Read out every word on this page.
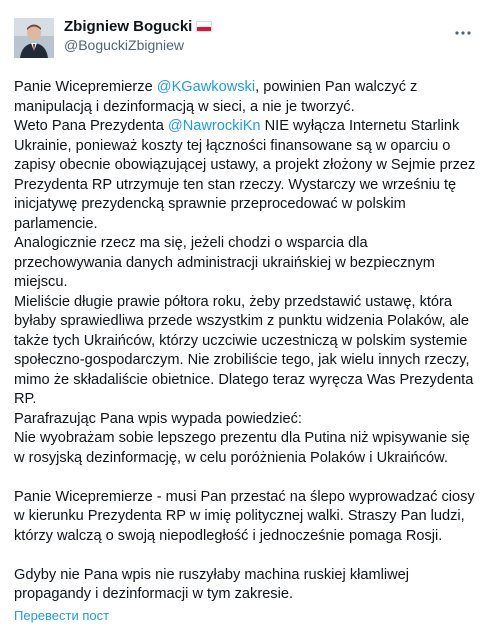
Zbigniew Bogucki
@BoguckiZbigniew
Panie Wicepremierze @KGawkowski, powinien Pan walczyć z manipulacją i dezinformacją w sieci, a nie je tworzyć.
Weto Pana Prezydenta @NawrockiKn NIE wyłącza Internetu Starlink Ukrainie, ponieważ koszty tej łączności finansowane są w oparciu o zapisy obecnie obowiązującej ustawy, a projekt złożony w Sejmie przez Prezydenta RP utrzymuje ten stan rzeczy. Wystarczy we wrześniu tę inicjatywę prezydencką sprawnie przeprocedować w polskim parlamencie.
Analogicznie rzecz ma się, jeżeli chodzi o wsparcia dla przechowywania danych administracji ukraińskiej w bezpiecznym miejscu.
Mieliście długie prawie półtora roku, żeby przedstawić ustawę, która byłaby sprawiedliwa przede wszystkim z punktu widzenia Polaków, ale także tych Ukraińców, którzy uczciwie uczestniczą w polskim systemie społeczno-gospodarczym. Nie zrobiliście tego, jak wielu innych rzeczy, mimo że składaliście obietnice. Dlatego teraz wyręcza Was Prezydenta RP.
Parafrazując Pana wpis wypada powiedzieć:
Nie wyobrażam sobie lepszego prezentu dla Putina niż wpisywanie się w rosyjską dezinformację, w celu poróżnienia Polaków i Ukraińców.
Panie Wicepremierze - musi Pan przestać na ślepo wyprowadzać ciosy w kierunku Prezydenta RP w imię politycznej walki. Straszy Pan ludzi, którzy walczą o swoją niepodległość i jednocześnie pomaga Rosji.
Gdyby nie Pana wpis nie ruszyłaby machina ruskiej kłamliwej propagandy i dezinformacji w tym zakresie.
Перевести пост
